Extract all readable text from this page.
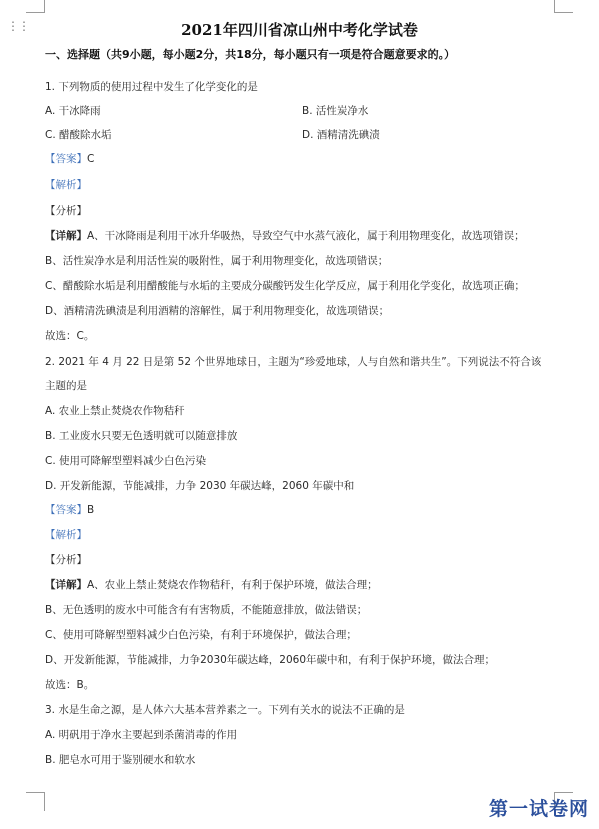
⋮⋮	2021年四川省凉山州中考化学试卷
一、选择题（共9小题，每小题2分，共18分，每小题只有一项是符合题意要求的。）
1. 下列物质的使用过程中发生了化学变化的是
A. 干冰降雨	B. 活性炭净水
C. 醋酸除水垢	D. 酒精清洗碘渍
【答案】C
【解析】
【分析】
【详解】A、干冰降雨是利用干冰升华吸热，导致空气中水蒸气液化，属于利用物理变化，故选项错误；
B、活性炭净水是利用活性炭的吸附性，属于利用物理变化，故选项错误；
C、醋酸除水垢是利用醋酸能与水垢的主要成分碳酸钙发生化学反应，属于利用化学变化，故选项正确；
D、酒精清洗碘渍是利用酒精的溶解性，属于利用物理变化，故选项错误；
故选：C。
2. 2021 年 4 月 22 日是第 52 个世界地球日，主题为“珍爱地球，人与自然和谐共生”。下列说法不符合该
主题的是
A. 农业上禁止焚烧农作物秸秆
B. 工业废水只要无色透明就可以随意排放
C. 使用可降解型塑料减少白色污染
D. 开发新能源，节能减排，力争 2030 年碳达峰，2060 年碳中和
【答案】B
【解析】
【分析】
【详解】A、农业上禁止焚烧农作物秸秆，有利于保护环境，做法合理；
B、无色透明的废水中可能含有有害物质，不能随意排放，做法错误；
C、使用可降解型塑料减少白色污染，有利于环境保护，做法合理；
D、开发新能源，节能减排，力争2030年碳达峰，2060年碳中和，有利于保护环境，做法合理；
故选：B。
3. 水是生命之源，是人体六大基本营养素之一。下列有关水的说法不正确的是
A. 明矾用于净水主要起到杀菌消毒的作用
B. 肥皂水可用于鉴别硬水和软水
第一试卷网
